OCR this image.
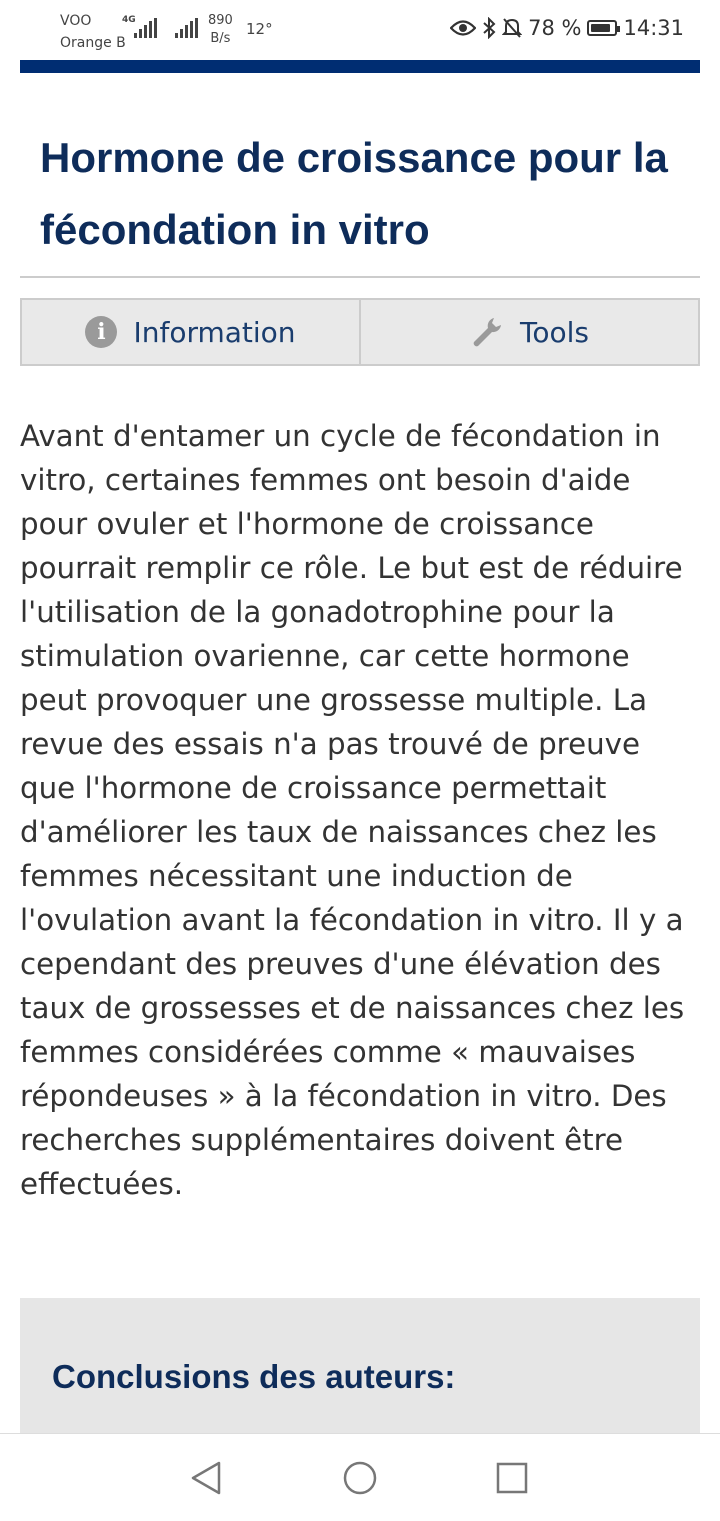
VOO
Orange B
4G	890
B/s
12°	78 % 14:31
Hormone de croissance pour la fécondation in vitro
i Information	Tools

Avant d'entamer un cycle de fécondation in vitro, certaines femmes ont besoin d'aide pour ovuler et l'hormone de croissance pourrait remplir ce rôle. Le but est de réduire l'utilisation de la gonadotrophine pour la stimulation ovarienne, car cette hormone peut provoquer une grossesse multiple. La revue des essais n'a pas trouvé de preuve que l'hormone de croissance permettait d'améliorer les taux de naissances chez les femmes nécessitant une induction de l'ovulation avant la fécondation in vitro. Il y a cependant des preuves d'une élévation des taux de grossesses et de naissances chez les femmes considérées comme « mauvaises répondeuses » à la fécondation in vitro. Des recherches supplémentaires doivent être effectuées.

Conclusions des auteurs:
